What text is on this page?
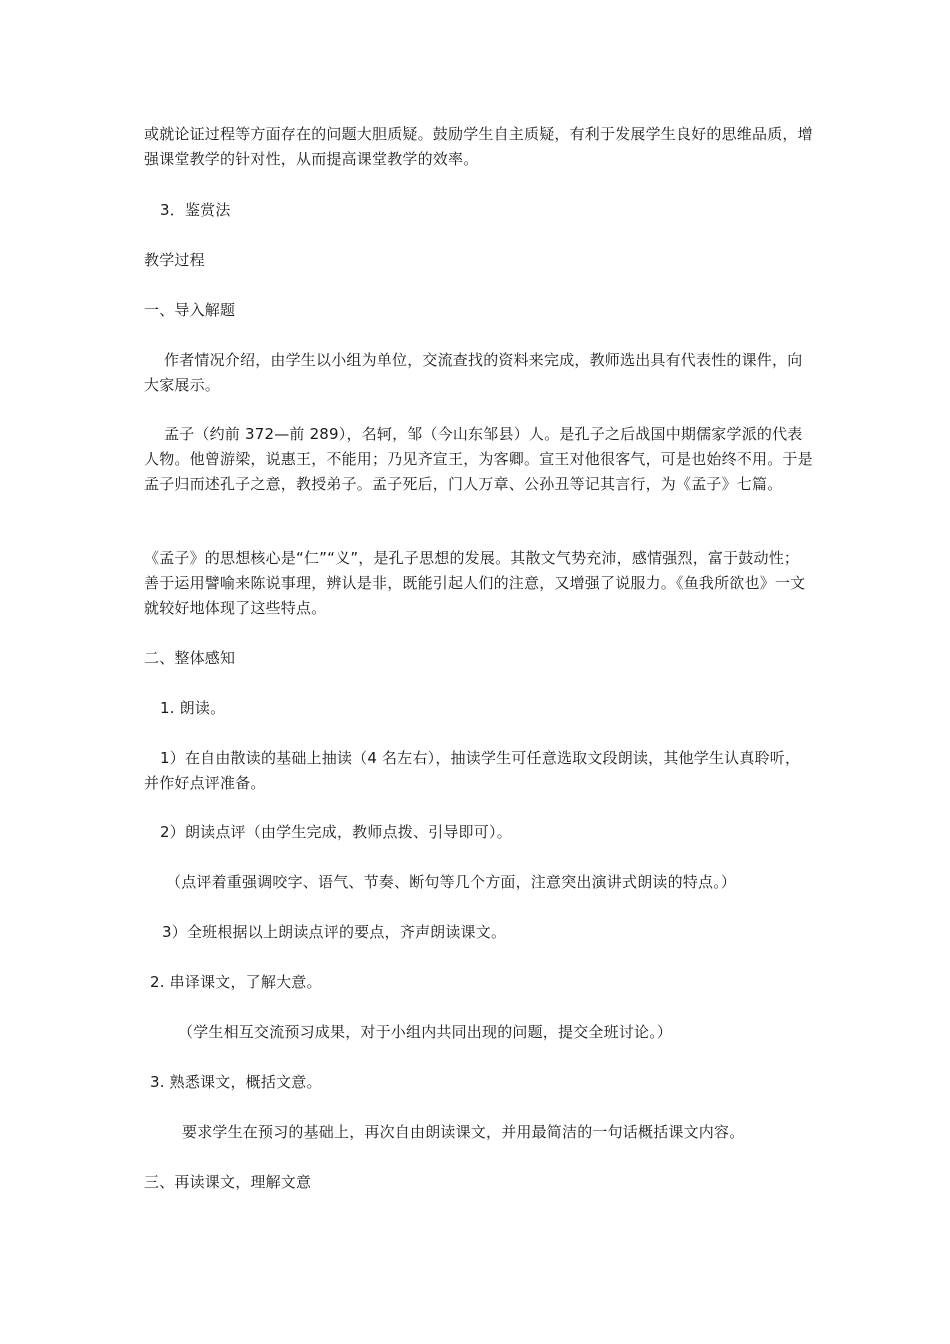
或就论证过程等方面存在的问题大胆质疑。鼓励学生自主质疑，有利于发展学生良好的思维品质，增强课堂教学的针对性，从而提高课堂教学的效率。

3．鉴赏法

教学过程

一、导入解题

作者情况介绍，由学生以小组为单位，交流查找的资料来完成，教师选出具有代表性的课件，向大家展示。

孟子（约前 372—前 289），名轲，邹（今山东邹县）人。是孔子之后战国中期儒家学派的代表人物。他曾游梁，说惠王，不能用；乃见齐宣王，为客卿。宣王对他很客气，可是也始终不用。于是孟子归而述孔子之意，教授弟子。孟子死后，门人万章、公孙丑等记其言行，为《孟子》七篇。

《孟子》的思想核心是“仁”“义”，是孔子思想的发展。其散文气势充沛，感情强烈，富于鼓动性；善于运用譬喻来陈说事理，辨认是非，既能引起人们的注意，又增强了说服力。《鱼我所欲也》一文就较好地体现了这些特点。

二、整体感知

1. 朗读。

1）在自由散读的基础上抽读（4 名左右），抽读学生可任意选取文段朗读，其他学生认真聆听，并作好点评准备。

2）朗读点评（由学生完成，教师点拨、引导即可）。

（点评着重强调咬字、语气、节奏、断句等几个方面，注意突出演讲式朗读的特点。）

3）全班根据以上朗读点评的要点，齐声朗读课文。

2. 串译课文，了解大意。

（学生相互交流预习成果，对于小组内共同出现的问题，提交全班讨论。）

3. 熟悉课文，概括文意。

要求学生在预习的基础上，再次自由朗读课文，并用最简洁的一句话概括课文内容。

三、再读课文，理解文意
